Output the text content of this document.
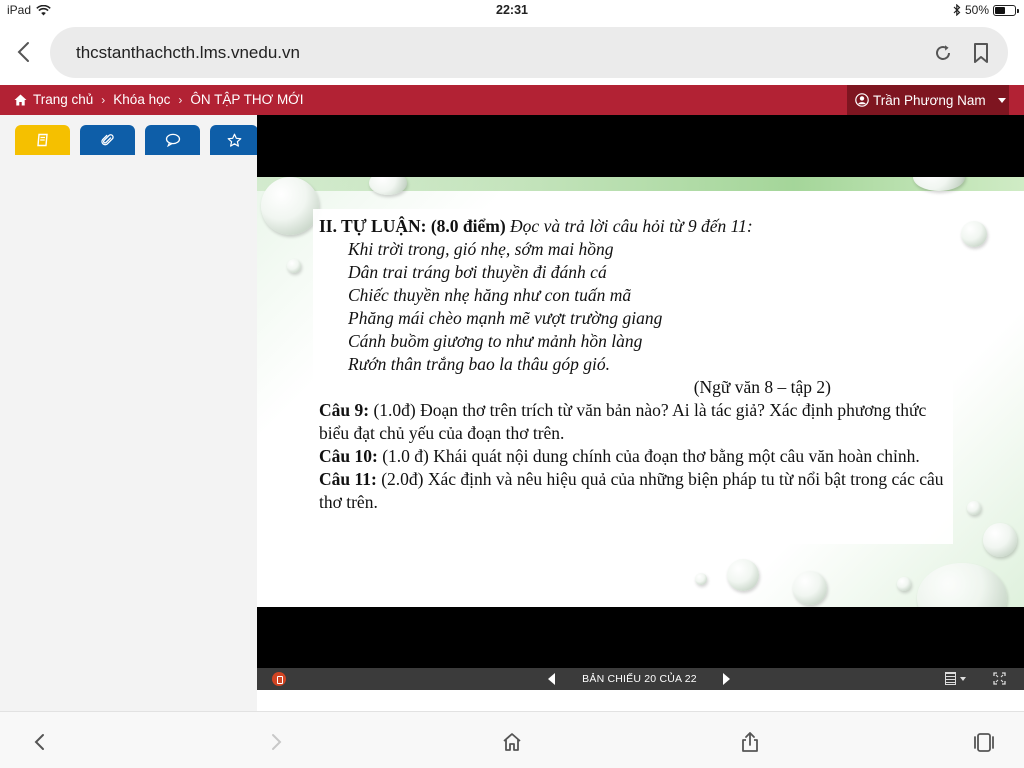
iPad	22:31	50%
thcstanthachcth.lms.vnedu.vn
Trang chủ › Khóa học › ÔN TẬP THƠ MỚI	Trần Phương Nam
II. TỰ LUẬN: (8.0 điểm) Đọc và trả lời câu hỏi từ 9 đến 11:
Khi trời trong, gió nhẹ, sớm mai hồng
Dân trai tráng bơi thuyền đi đánh cá
Chiếc thuyền nhẹ hăng như con tuấn mã
Phăng mái chèo mạnh mẽ vượt trường giang
Cánh buồm giương to như mảnh hồn làng
Rướn thân trắng bao la thâu góp gió.
(Ngữ văn 8 – tập 2)
Câu 9: (1.0đ) Đoạn thơ trên trích từ văn bản nào? Ai là tác giả? Xác định phương thức biểu đạt chủ yếu của đoạn thơ trên.
Câu 10: (1.0 đ) Khái quát nội dung chính của đoạn thơ bằng một câu văn hoàn chỉnh.
Câu 11: (2.0đ) Xác định và nêu hiệu quả của những biện pháp tu từ nổi bật trong các câu thơ trên.
BẢN CHIẾU 20 CỦA 22
